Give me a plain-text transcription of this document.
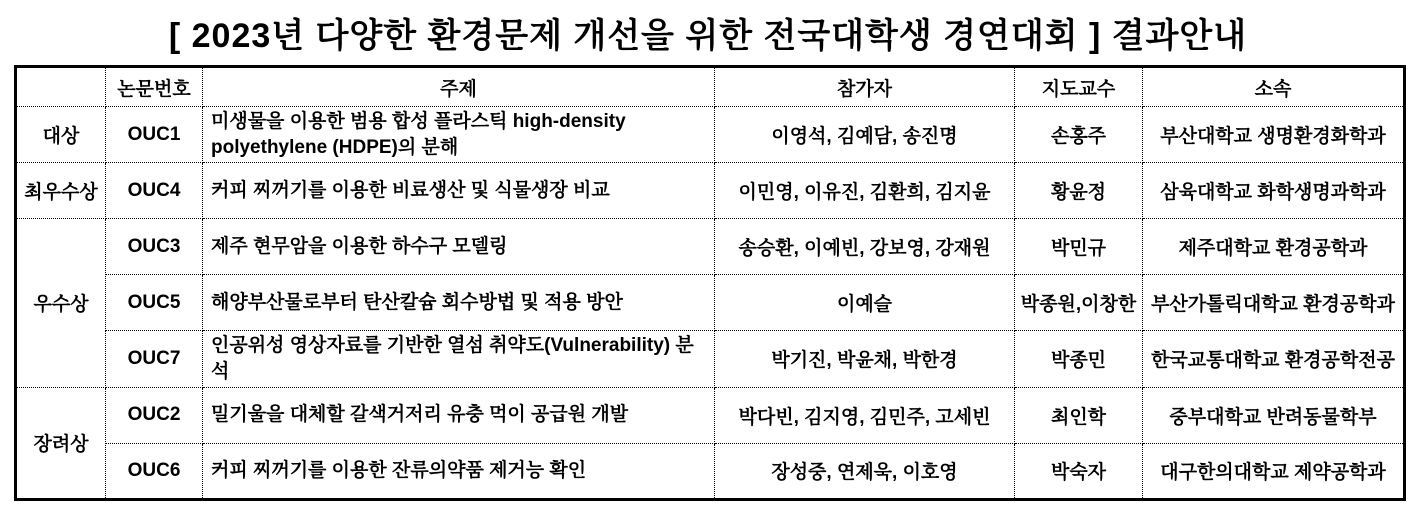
[ 2023년 다양한 환경문제 개선을 위한 전국대학생 경연대회 ] 결과안내
	논문번호	주제	참가자	지도교수	소속
대상	OUC1	미생물을 이용한 범용 합성 플라스틱 high-density polyethylene (HDPE)의 분해	이영석, 김예담, 송진명	손홍주	부산대학교 생명환경화학과
최우수상	OUC4	커피 찌꺼기를 이용한 비료생산 및 식물생장 비교	이민영, 이유진, 김환희, 김지윤	황윤정	삼육대학교 화학생명과학과
우수상	OUC3	제주 현무암을 이용한 하수구 모델링	송승환, 이예빈, 강보영, 강재원	박민규	제주대학교 환경공학과
	OUC5	해양부산물로부터 탄산칼슘 회수방법 및 적용 방안	이예슬	박종원,이창한	부산가톨릭대학교 환경공학과
	OUC7	인공위성 영상자료를 기반한 열섬 취약도(Vulnerability) 분석	박기진, 박윤채, 박한경	박종민	한국교통대학교 환경공학전공
장려상	OUC2	밀기울을 대체할 갈색거저리 유충 먹이 공급원 개발	박다빈, 김지영, 김민주, 고세빈	최인학	중부대학교 반려동물학부
	OUC6	커피 찌꺼기를 이용한 잔류의약품 제거능 확인	장성중, 연제욱, 이호영	박숙자	대구한의대학교 제약공학과
